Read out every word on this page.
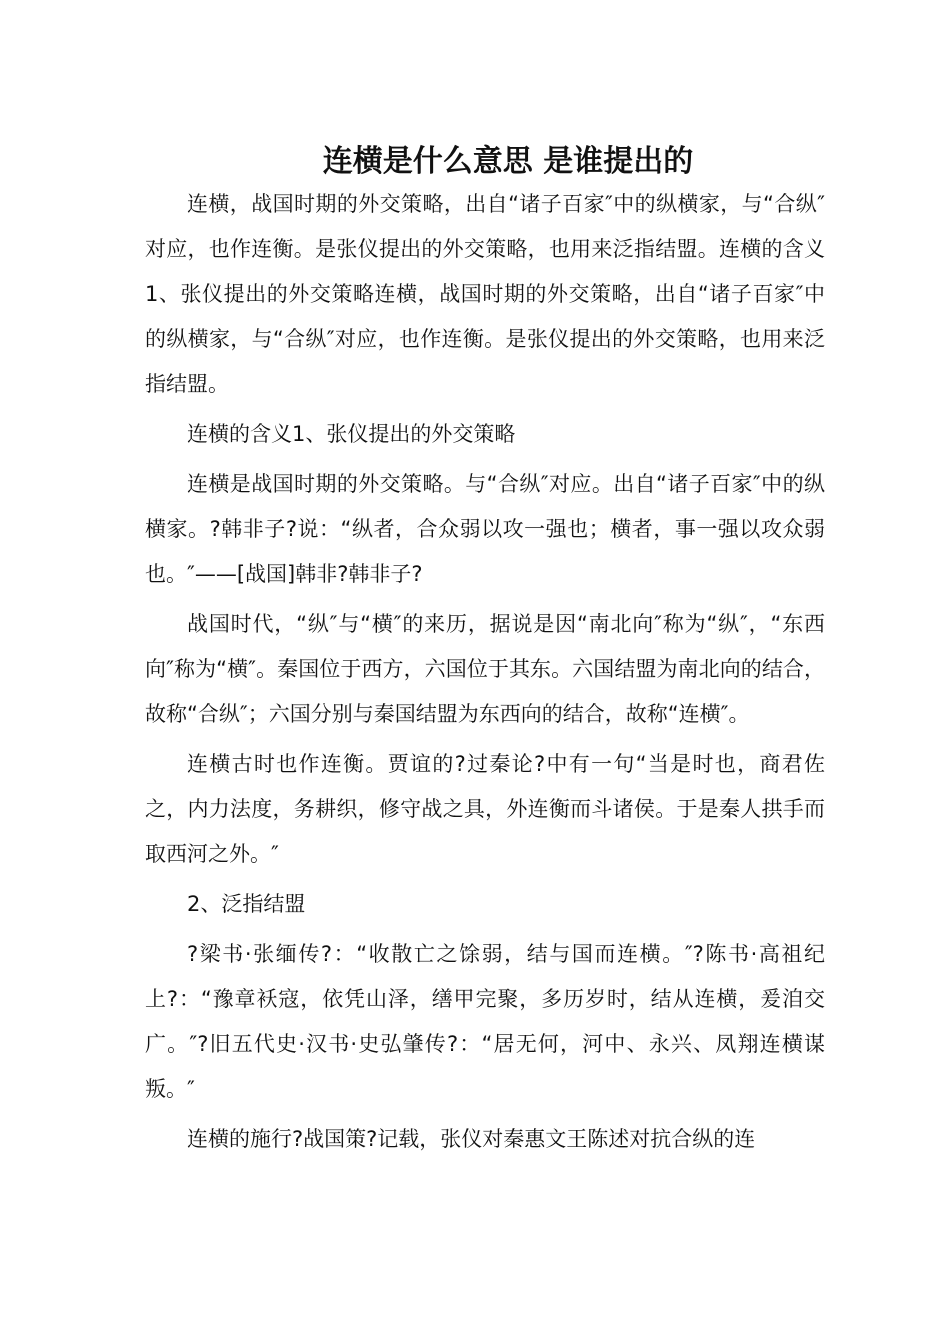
连横是什么意思 是谁提出的

连横，战国时期的外交策略，出自“诸子百家″中的纵横家，与“合纵″对应，也作连衡。是张仪提出的外交策略，也用来泛指结盟。连横的含义1、张仪提出的外交策略连横，战国时期的外交策略，出自“诸子百家″中的纵横家，与“合纵″对应，也作连衡。是张仪提出的外交策略，也用来泛指结盟。

连横的含义1、张仪提出的外交策略

连横是战国时期的外交策略。与“合纵″对应。出自“诸子百家″中的纵横家。?韩非子?说：“纵者，合众弱以攻一强也；横者，事一强以攻众弱也。″——[战国]韩非?韩非子?

战国时代，“纵″与“横″的来历，据说是因“南北向″称为“纵″，“东西向″称为“横″。秦国位于西方，六国位于其东。六国结盟为南北向的结合，故称“合纵″；六国分别与秦国结盟为东西向的结合，故称“连横″。

连横古时也作连衡。贾谊的?过秦论?中有一句“当是时也，商君佐之，内力法度，务耕织，修守战之具，外连衡而斗诸侯。于是秦人拱手而取西河之外。″

2、泛指结盟

?梁书·张缅传?：“收散亡之馀弱，结与国而连横。″?陈书·高祖纪上?：“豫章袄寇，依凭山泽，缮甲完聚，多历岁时，结从连横，爰洎交广。″?旧五代史·汉书·史弘肇传?：“居无何，河中、永兴、凤翔连横谋叛。″

连横的施行?战国策?记载，张仪对秦惠文王陈述对抗合纵的连
